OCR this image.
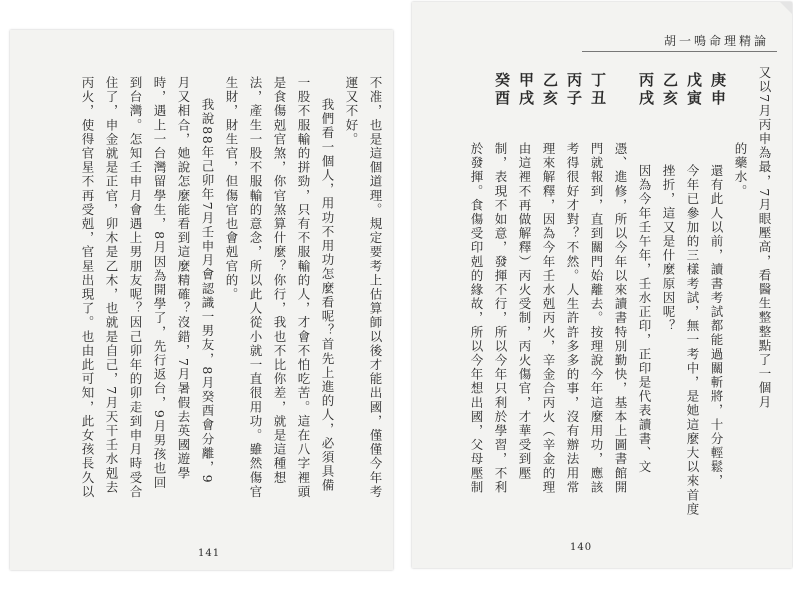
不准，也是這個道理。規定要考上估算師以後才能出國，僅僅今年考
運又不好。
我們看一個人，用功不用功怎麼看呢？首先上進的人，必須具備
一股不服輸的拼勁，只有不服輸的人，才會不怕吃苦。這在八字裡頭
是食傷剋官煞，你官煞算什麼？你行，我也不比你差，就是這種想
法，產生一股不服輸的意念，所以此人從小就一直很用功。雖然傷官
生財，財生官，但傷官也會剋官的。
我說88年己卯年7月壬申月會認識一男友，8月癸酉會分離，9
月又相合，她說怎麼能看到這麼精確？沒錯，7月暑假去英國遊學
時，遇上一台灣留學生，8月因為開學了，先行返台，9月男孩也回
到台灣。怎知壬申月會遇上男朋友呢？因己卯年的卯走到申月時受合
住了，申金就是正官，卯木是乙木，也就是自己，7月天干壬水剋去
丙火，使得官星不再受剋，官星出現了。也由此可知，此女孩長久以
141
胡一鳴命理精論
又以7月丙申為最，7月眼壓高，看醫生整整點了一個月
的藥水。
還有此人以前，讀書考試都能過關斬將，十分輕鬆，
今年已參加的三樣考試，無一考中，是她這麼大以來首度
挫折，這又是什麼原因呢？
因為今年壬午年，壬水正印，正印是代表讀書、文
憑、進修，所以今年以來讀書特別勤快，基本上圖書館開
門就報到，直到關門始離去。按理說今年這麼用功，應該
考得很好才對？不然。人生許許多多的事，沒有辦法用常
理來解釋，因為今年壬水剋丙火，辛金合丙火（辛金的理
由這裡不再做解釋）丙火受制，丙火傷官，才華受到壓
制，表現不如意，發揮不行，所以今年只利於學習，不利
於發揮。食傷受印剋的緣故，所以今年想出國，父母壓制
庚申
戊寅
乙亥
丙戌
丁丑
丙子
乙亥
甲戌
癸酉
140
